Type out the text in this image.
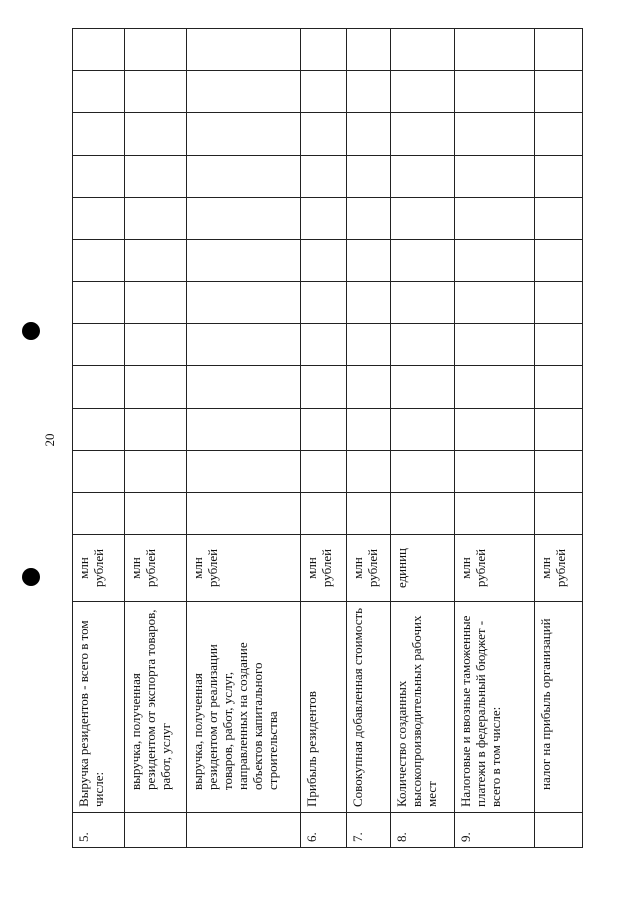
20
5.	Выручка резидентов - всего в том числе:	млн рублей												
	выручка, полученная резидентом от экспорта товаров, работ, услуг	млн рублей												
	выручка, полученная резидентом от реализации товаров, работ, услуг, направленных на создание объектов капитального строительства	млн рублей												
6.	Прибыль резидентов	млн рублей												
7.	Совокупная добавленная стоимость	млн рублей												
8.	Количество созданных высокопроизводительных рабочих мест	единиц												
9.	Налоговые и ввозные таможенные платежи в федеральный бюджет - всего в том числе:	млн рублей												
	налог на прибыль организаций	млн рублей												
